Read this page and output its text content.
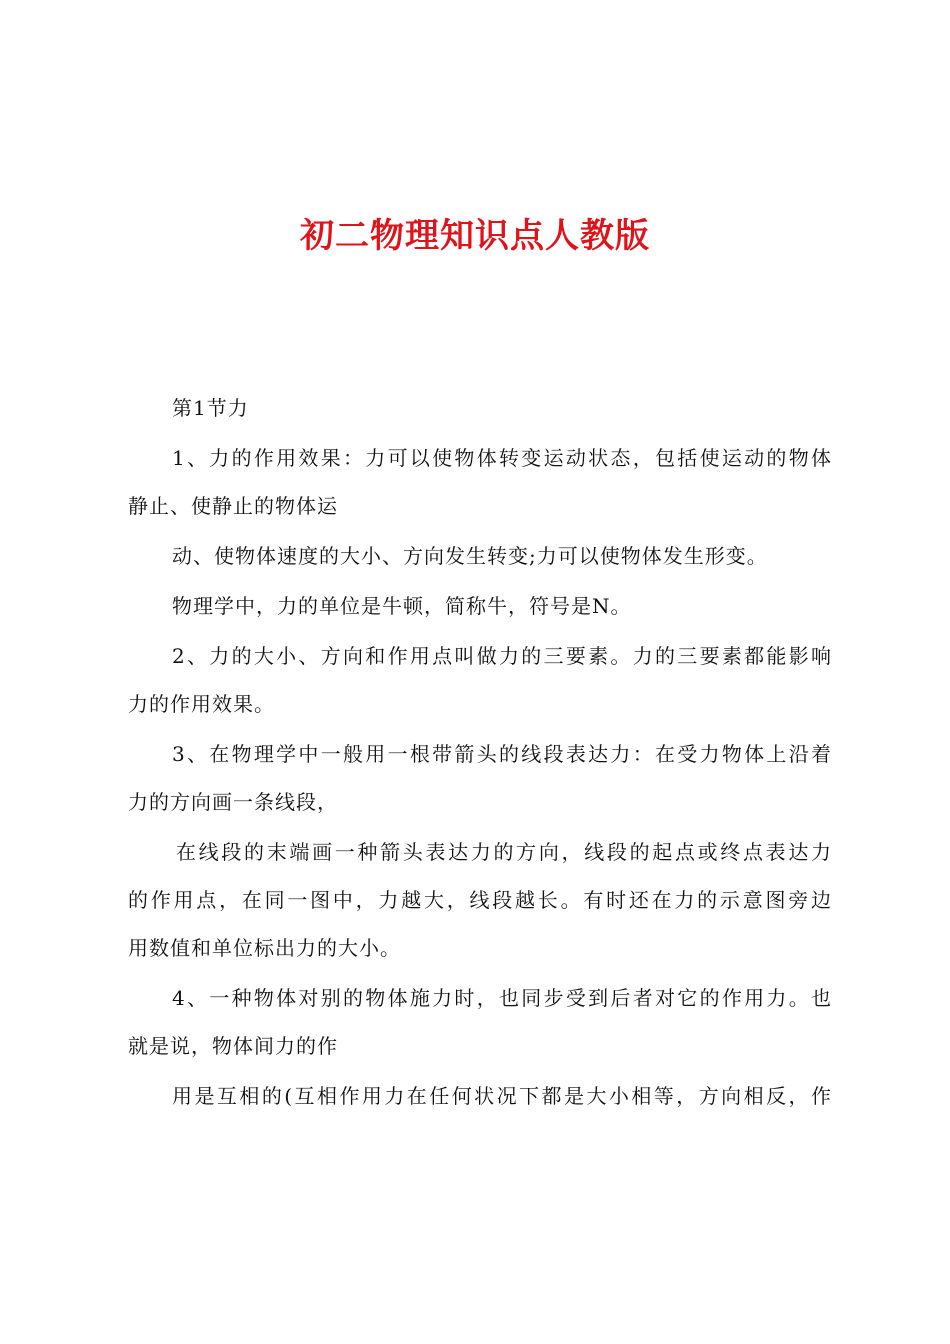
初二物理知识点人教版
第1节力
1、力的作用效果：力可以使物体转变运动状态，包括使运动的物体
静止、使静止的物体运
动、使物体速度的大小、方向发生转变;力可以使物体发生形变。
物理学中，力的单位是牛顿，简称牛，符号是N。
2、力的大小、方向和作用点叫做力的三要素。力的三要素都能影响
力的作用效果。
3、在物理学中一般用一根带箭头的线段表达力：在受力物体上沿着
力的方向画一条线段，
在线段的末端画一种箭头表达力的方向，线段的起点或终点表达力
的作用点，在同一图中，力越大，线段越长。有时还在力的示意图旁边
用数值和单位标出力的大小。
4、一种物体对别的物体施力时，也同步受到后者对它的作用力。也
就是说，物体间力的作
用是互相的(互相作用力在任何状况下都是大小相等，方向相反，作
